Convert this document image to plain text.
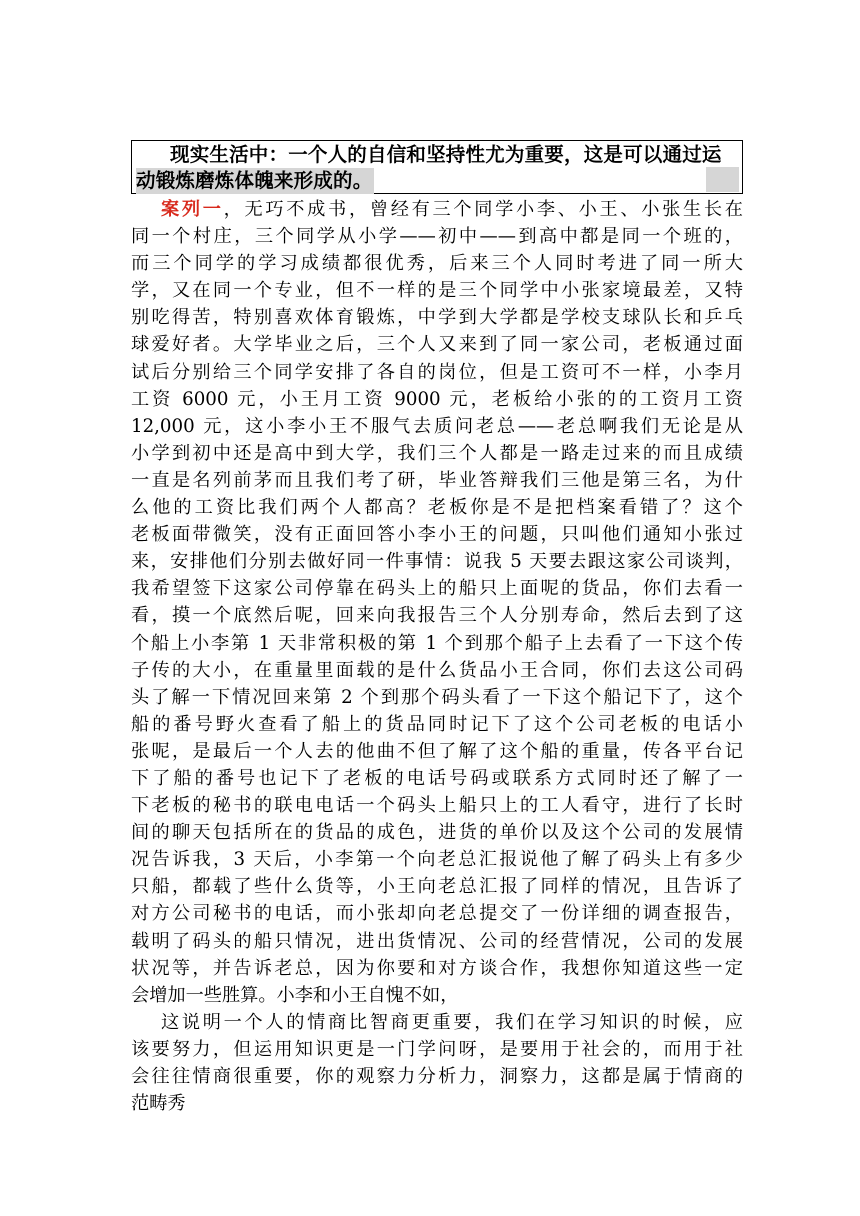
现实生活中：一个人的自信和坚持性尤为重要，这是可以通过运
动锻炼磨炼体魄来形成的。
案列一，无巧不成书，曾经有三个同学小李、小王、小张生长在
同一个村庄，三个同学从小学——初中——到高中都是同一个班的，
而三个同学的学习成绩都很优秀，后来三个人同时考进了同一所大
学，又在同一个专业，但不一样的是三个同学中小张家境最差，又特
别吃得苦，特别喜欢体育锻炼，中学到大学都是学校支球队长和乒乓
球爱好者。大学毕业之后，三个人又来到了同一家公司，老板通过面
试后分别给三个同学安排了各自的岗位，但是工资可不一样，小李月
工资 6000 元，小王月工资 9000 元，老板给小张的的工资月工资
12,000 元，这小李小王不服气去质问老总——老总啊我们无论是从
小学到初中还是高中到大学，我们三个人都是一路走过来的而且成绩
一直是名列前茅而且我们考了研，毕业答辩我们三他是第三名，为什
么他的工资比我们两个人都高？老板你是不是把档案看错了？这个
老板面带微笑，没有正面回答小李小王的问题，只叫他们通知小张过
来，安排他们分别去做好同一件事情：说我 5 天要去跟这家公司谈判，
我希望签下这家公司停靠在码头上的船只上面呢的货品，你们去看一
看，摸一个底然后呢，回来向我报告三个人分别寿命，然后去到了这
个船上小李第 1 天非常积极的第 1 个到那个船子上去看了一下这个传
子传的大小，在重量里面载的是什么货品小王合同，你们去这公司码
头了解一下情况回来第 2 个到那个码头看了一下这个船记下了，这个
船的番号野火查看了船上的货品同时记下了这个公司老板的电话小
张呢，是最后一个人去的他曲不但了解了这个船的重量，传各平台记
下了船的番号也记下了老板的电话号码或联系方式同时还了解了一
下老板的秘书的联电电话一个码头上船只上的工人看守，进行了长时
间的聊天包括所在的货品的成色，进货的单价以及这个公司的发展情
况告诉我，3 天后，小李第一个向老总汇报说他了解了码头上有多少
只船，都载了些什么货等，小王向老总汇报了同样的情况，且告诉了
对方公司秘书的电话，而小张却向老总提交了一份详细的调查报告，
载明了码头的船只情况，进出货情况、公司的经营情况，公司的发展
状况等，并告诉老总，因为你要和对方谈合作，我想你知道这些一定
会增加一些胜算。小李和小王自愧不如，
这说明一个人的情商比智商更重要，我们在学习知识的时候，应
该要努力，但运用知识更是一门学问呀，是要用于社会的，而用于社
会往往情商很重要，你的观察力分析力，洞察力，这都是属于情商的
范畴秀
